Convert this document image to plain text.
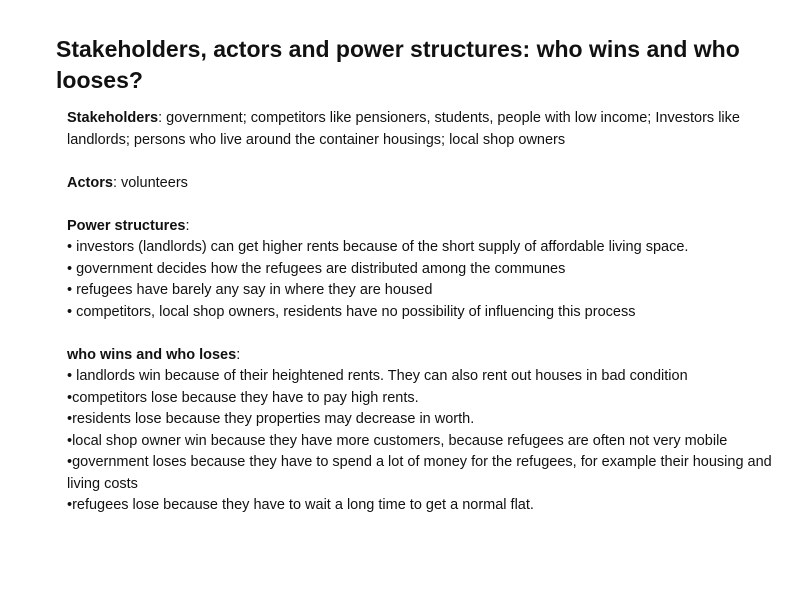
Stakeholders, actors and power structures: who wins and who looses?

Stakeholders: government; competitors like pensioners, students, people with low income; Investors like landlords; persons who live around the container housings; local shop owners

Actors: volunteers

Power structures:

• investors (landlords) can get higher rents because of the short supply of affordable living space.
• government decides how the refugees are distributed among the communes
• refugees have barely any say in where they are housed
• competitors, local shop owners, residents have no possibility of influencing this process

who wins and who loses:

• landlords win because of their heightened rents. They can also rent out houses in bad condition
•competitors lose because they have to pay high rents.
•residents lose because they properties may decrease in worth.
•local shop owner win because they have more customers, because refugees are often not very mobile
•government loses because they have to spend a lot of money for the refugees, for example their housing and living costs
•refugees lose because they have to wait a long time to get a normal flat.
